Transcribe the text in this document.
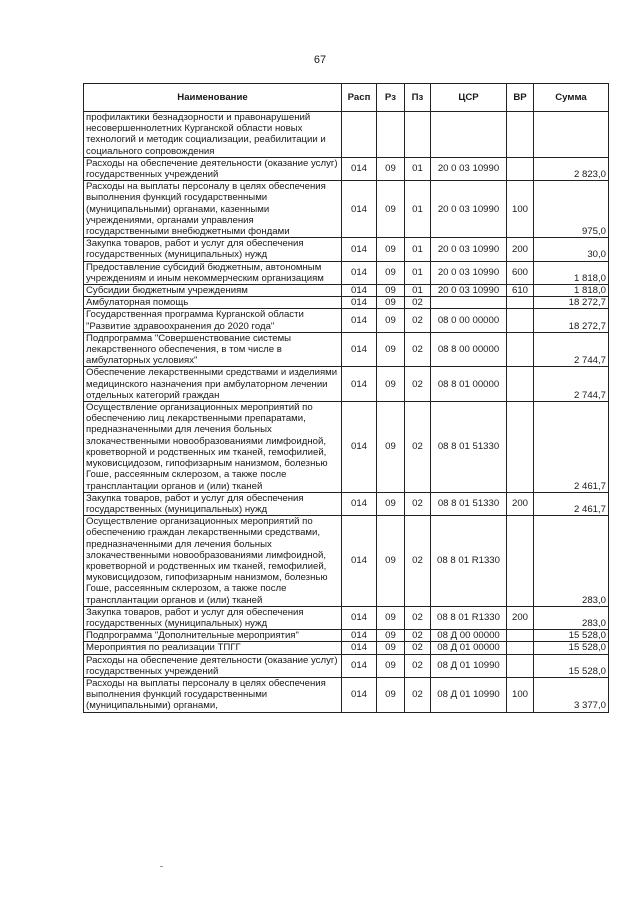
67
Наименование	Расп	Рз	Пз	ЦСР	ВР	Сумма
профилактики безнадзорности и правонарушений несовершеннолетних Курганской области новых технологий и методик социализации, реабилитации и социального сопровождения						
Расходы на обеспечение деятельности (оказание услуг) государственных учреждений	014	09	01	20 0 03 10990		2 823,0
Расходы на выплаты персоналу в целях обеспечения выполнения функций государственными (муниципальными) органами, казенными учреждениями, органами управления государственными внебюджетными фондами	014	09	01	20 0 03 10990	100	975,0
Закупка товаров, работ и услуг для обеспечения государственных (муниципальных) нужд	014	09	01	20 0 03 10990	200	30,0
Предоставление субсидий бюджетным, автономным учреждениям и иным некоммерческим организациям	014	09	01	20 0 03 10990	600	1 818,0
Субсидии бюджетным учреждениям	014	09	01	20 0 03 10990	610	1 818,0
Амбулаторная помощь	014	09	02			18 272,7
Государственная программа Курганской области "Развитие здравоохранения до 2020 года"	014	09	02	08 0 00 00000		18 272,7
Подпрограмма "Совершенствование системы лекарственного обеспечения, в том числе в амбулаторных условиях"	014	09	02	08 8 00 00000		2 744,7
Обеспечение лекарственными средствами и изделиями медицинского назначения при амбулаторном лечении отдельных категорий граждан	014	09	02	08 8 01 00000		2 744,7
Осуществление организационных мероприятий по обеспечению лиц лекарственными препаратами, предназначенными для лечения больных злокачественными новообразованиями лимфоидной, кроветворной и родственных им тканей, гемофилией, муковисцидозом, гипофизарным нанизмом, болезнью Гоше, рассеянным склерозом, а также после трансплантации органов и (или) тканей	014	09	02	08 8 01 51330		2 461,7
Закупка товаров, работ и услуг для обеспечения государственных (муниципальных) нужд	014	09	02	08 8 01 51330	200	2 461,7
Осуществление организационных мероприятий по обеспечению граждан лекарственными средствами, предназначенными для лечения больных злокачественными новообразованиями лимфоидной, кроветворной и родственных им тканей, гемофилией, муковисцидозом, гипофизарным нанизмом, болезнью Гоше, рассеянным склерозом, а также после трансплантации органов и (или) тканей	014	09	02	08 8 01 R1330		283,0
Закупка товаров, работ и услуг для обеспечения государственных (муниципальных) нужд	014	09	02	08 8 01 R1330	200	283,0
Подпрограмма "Дополнительные мероприятия"	014	09	02	08 Д 00 00000		15 528,0
Мероприятия по реализации ТПГГ	014	09	02	08 Д 01 00000		15 528,0
Расходы на обеспечение деятельности (оказание услуг) государственных учреждений	014	09	02	08 Д 01 10990		15 528,0
Расходы на выплаты персоналу в целях обеспечения выполнения функций государственными (муниципальными) органами,	014	09	02	08 Д 01 10990	100	3 377,0
